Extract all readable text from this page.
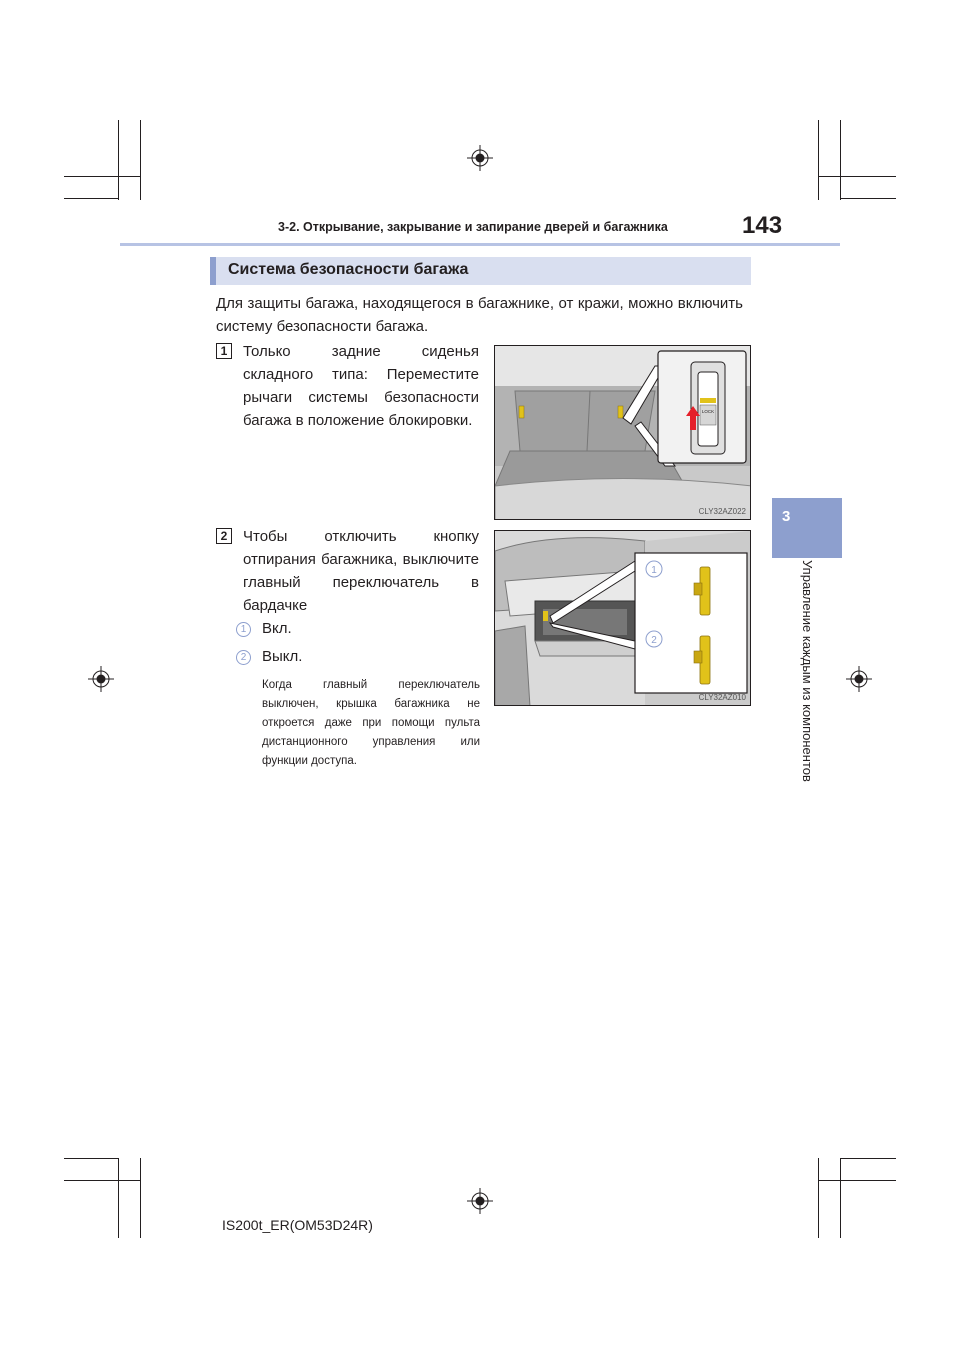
3-2. Открывание, закрывание и запирание дверей и багажника	143
3
Управление каждым из компонентов
Система безопасности багажа
Для защиты багажа, находящегося в багажнике, от кражи, можно включить систему безопасности багажа.
1	Только задние сиденья складного типа: Переместите рычаги системы безопасности багажа в положение блокировки.
LOCK
CLY32AZ022
2	Чтобы отключить кнопку отпирания багажника, выключите главный переключатель в бардачке
1
2
CLY32AZ010
1	Вкл.
2	Выкл.
Когда главный переключатель выключен, крышка багажника не откроется даже при помощи пульта дистанционного управления или функции доступа.
IS200t_ER(OM53D24R)
